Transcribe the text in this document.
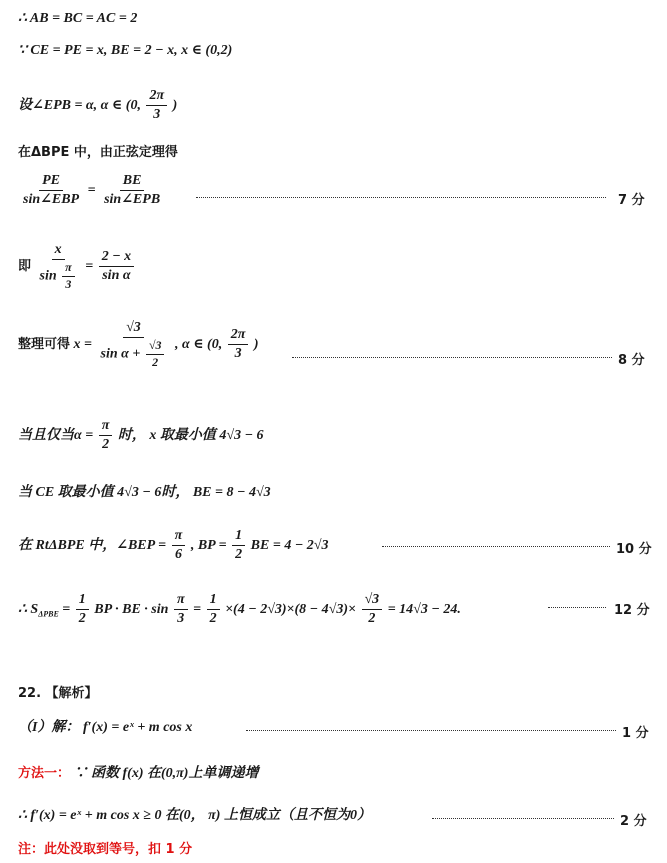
∴ AB = BC = AC = 2
∵ CE = PE = x, BE = 2 − x, x ∈ (0,2)
设∠EPB = α, α ∈ (0, $\frac{2\pi}{3}$ )
在ΔBPE 中，由正弦定理得
$\frac{PE}{\text{sin∠EBP}} = \frac{BE}{\text{sin∠EPB}}$	7 分
即 $\frac{x}{\sin \frac{\pi}{3}} = \frac{2 - x}{\text{sin α}}$
整理可得 $x = \frac{√3}{\sin \alpha + \frac{√3}{2}}$ , α ∈ (0, $\frac{2\pi}{3}$ )
8 分
当且仅当$\alpha = \frac{\pi}{2}$ 时， x 取最小值 4√3 − 6
当 CE 取最小值 4√3 − 6时， BE = 8 − 4√3
在 RtΔBPE 中，∠BEP = $\frac{\pi}{6}$ , BP = $\frac{1}{2}$ BE = 4 − 2√3	10 分
∴ $S_{\Delta PBE} = \frac{1}{2}$ BP · BE · $\sin \frac{\pi}{3} = \frac{1}{2} \times(4 - 2√3)\times(8 - 4√3)\times \frac{√3}{2} = 14√3 - 24$.	12 分
22. 【解析】
（I）解： f′(x) = eˣ + m cos x	1 分
方法一： ∵ 函数 f(x) 在(0,π)上单调递增
∴ f′(x) = eˣ + m cos x ≥ 0 在(0， π) 上恒成立（且不恒为0）	2 分
注：此处没取到等号，扣 1 分
